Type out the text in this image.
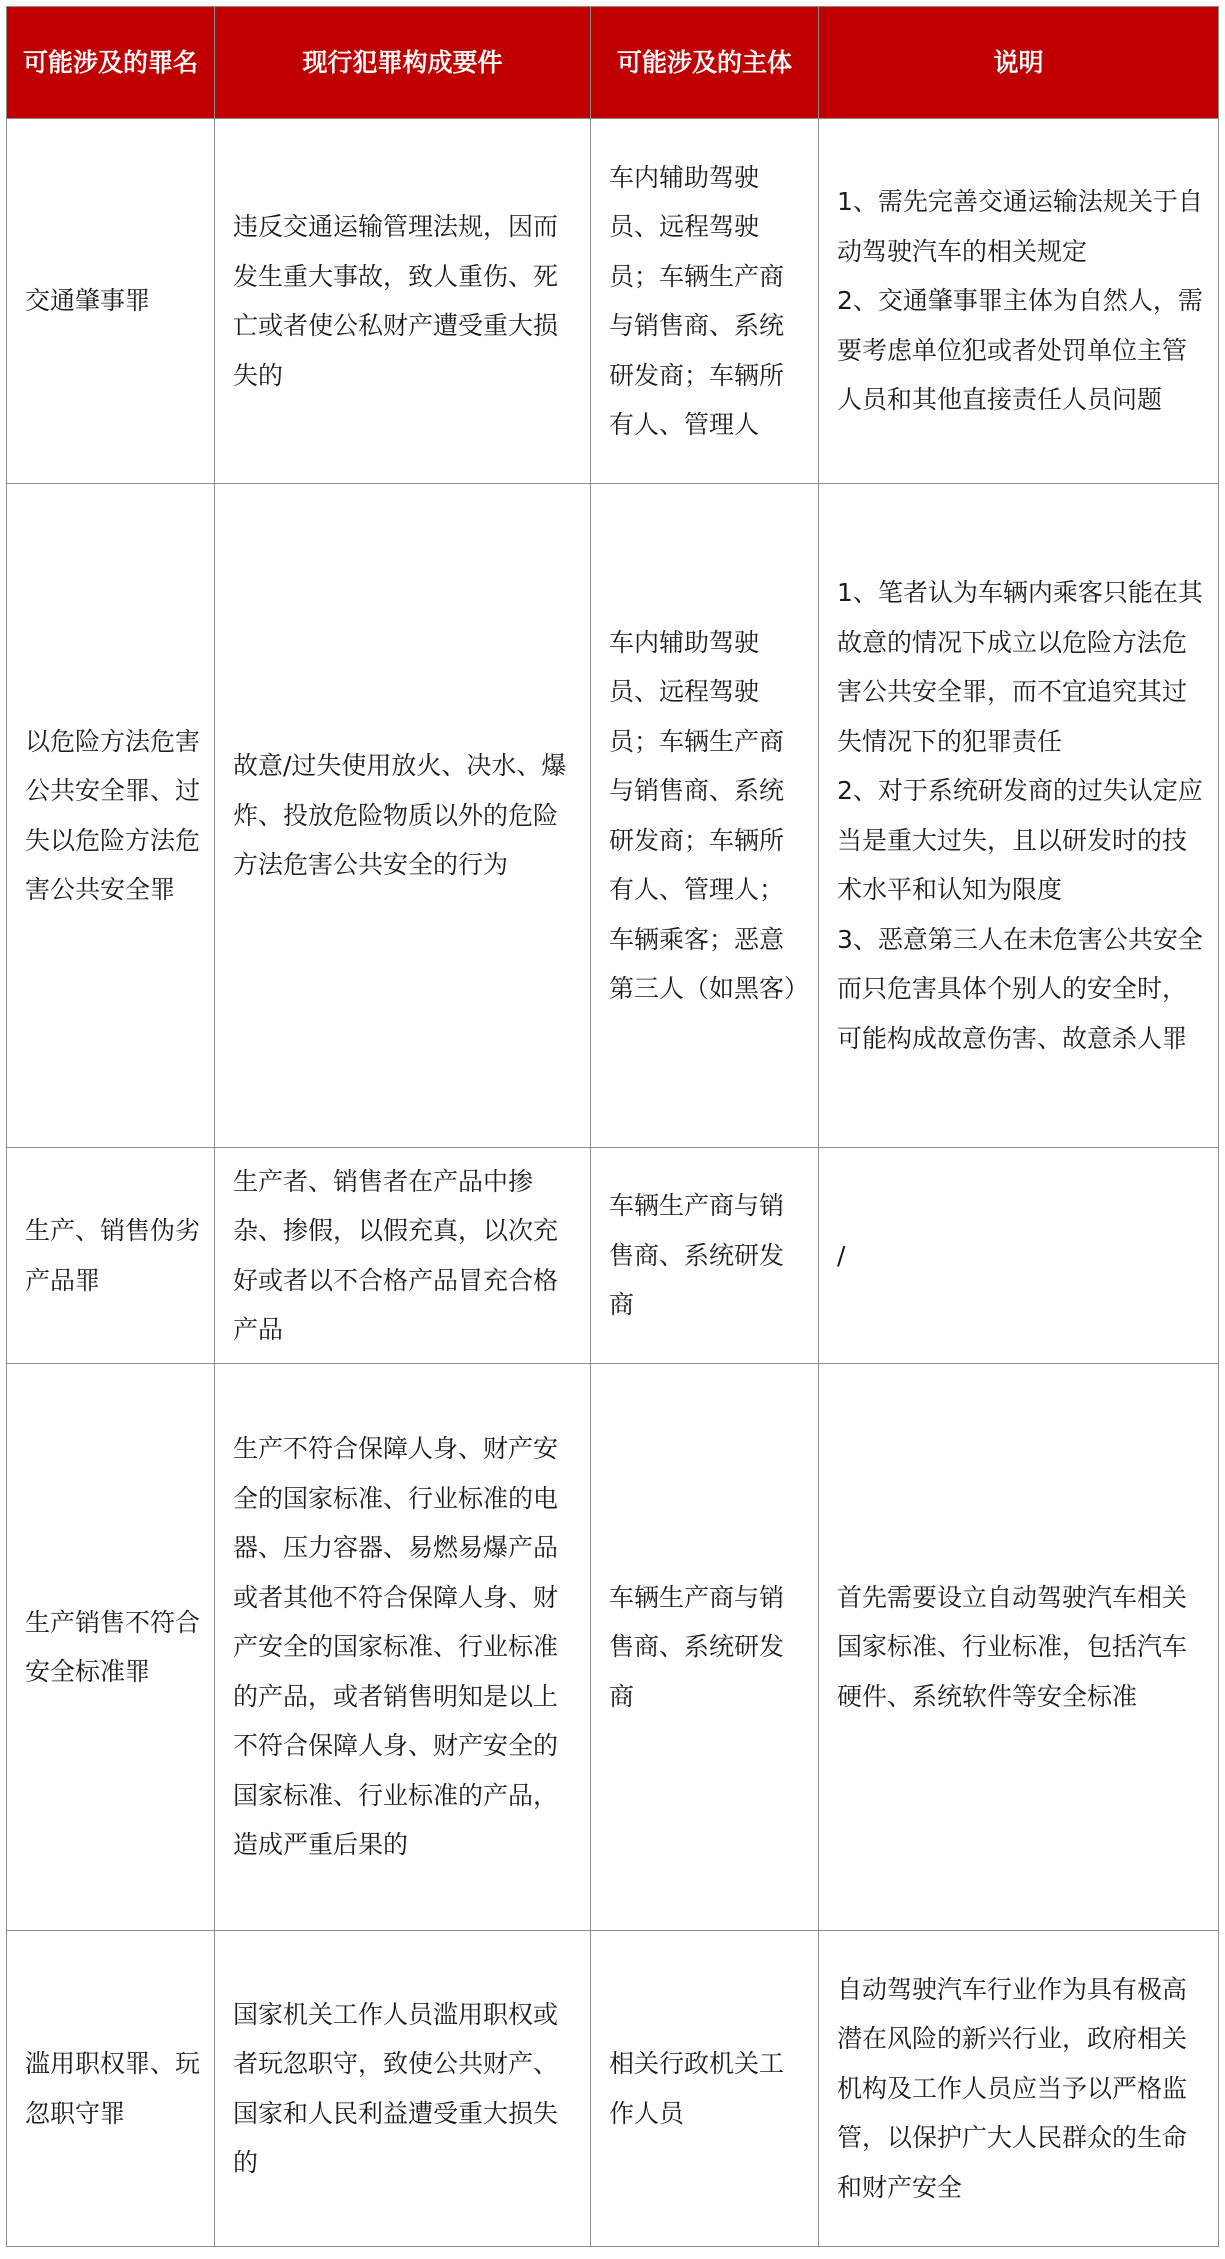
可能涉及的罪名	现行犯罪构成要件	可能涉及的主体	说明
交通肇事罪	违反交通运输管理法规，因而发生重大事故，致人重伤、死亡或者使公私财产遭受重大损失的	车内辅助驾驶员、远程驾驶员；车辆生产商与销售商、系统研发商；车辆所有人、管理人	1、需先完善交通运输法规关于自动驾驶汽车的相关规定
2、交通肇事罪主体为自然人，需要考虑单位犯或者处罚单位主管人员和其他直接责任人员问题
以危险方法危害公共安全罪、过失以危险方法危害公共安全罪	故意/过失使用放火、决水、爆炸、投放危险物质以外的危险方法危害公共安全的行为	车内辅助驾驶员、远程驾驶员；车辆生产商与销售商、系统研发商；车辆所有人、管理人；车辆乘客；恶意第三人（如黑客）	1、笔者认为车辆内乘客只能在其故意的情况下成立以危险方法危害公共安全罪，而不宜追究其过失情况下的犯罪责任
2、对于系统研发商的过失认定应当是重大过失，且以研发时的技术水平和认知为限度
3、恶意第三人在未危害公共安全而只危害具体个别人的安全时，可能构成故意伤害、故意杀人罪
生产、销售伪劣产品罪	生产者、销售者在产品中掺杂、掺假，以假充真，以次充好或者以不合格产品冒充合格产品	车辆生产商与销售商、系统研发商	/
生产销售不符合安全标准罪	生产不符合保障人身、财产安全的国家标准、行业标准的电器、压力容器、易燃易爆产品或者其他不符合保障人身、财产安全的国家标准、行业标准的产品，或者销售明知是以上不符合保障人身、财产安全的国家标准、行业标准的产品，造成严重后果的	车辆生产商与销售商、系统研发商	首先需要设立自动驾驶汽车相关国家标准、行业标准，包括汽车硬件、系统软件等安全标准
滥用职权罪、玩忽职守罪	国家机关工作人员滥用职权或者玩忽职守，致使公共财产、国家和人民利益遭受重大损失的	相关行政机关工作人员	自动驾驶汽车行业作为具有极高潜在风险的新兴行业，政府相关机构及工作人员应当予以严格监管，以保护广大人民群众的生命和财产安全
